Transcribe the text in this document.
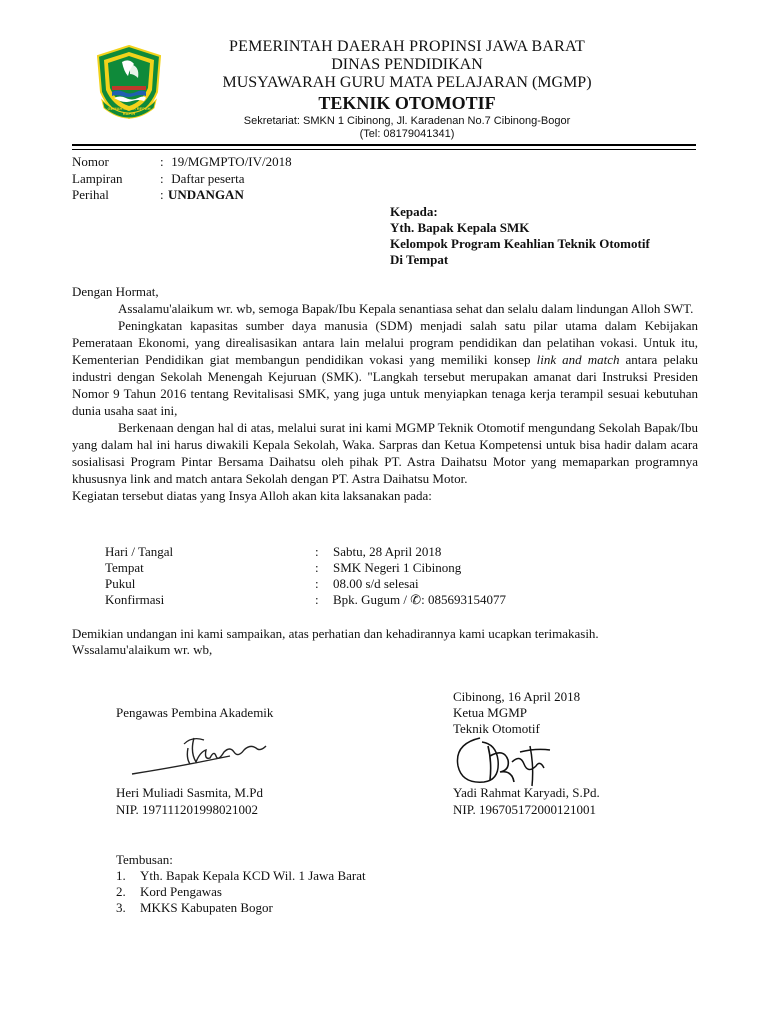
GEMAH RIPAH REPEH RAPIH
PEMERINTAH DAERAH PROPINSI JAWA BARAT
DINAS PENDIDIKAN
MUSYAWARAH GURU MATA PELAJARAN (MGMP)
TEKNIK OTOMOTIF
Sekretariat: SMKN 1 Cibinong, Jl. Karadenan No.7 Cibinong-Bogor
(Tel: 08179041341)
Nomor	: 19/MGMPTO/IV/2018
Lampiran	: Daftar peserta
Perihal	: UNDANGAN
Kepada:
Yth. Bapak Kepala SMK
Kelompok Program Keahlian Teknik Otomotif
Di Tempat
Dengan Hormat,

Assalamu'alaikum wr. wb, semoga Bapak/Ibu Kepala senantiasa sehat dan selalu dalam lindungan Alloh SWT.

Peningkatan kapasitas sumber daya manusia (SDM) menjadi salah satu pilar utama dalam Kebijakan Pemerataan Ekonomi, yang direalisasikan antara lain melalui program pendidikan dan pelatihan vokasi. Untuk itu, Kementerian Pendidikan giat membangun pendidikan vokasi yang memiliki konsep link and match antara pelaku industri dengan Sekolah Menengah Kejuruan (SMK). "Langkah tersebut merupakan amanat dari Instruksi Presiden Nomor 9 Tahun 2016 tentang Revitalisasi SMK, yang juga untuk menyiapkan tenaga kerja terampil sesuai kebutuhan dunia usaha saat ini,

Berkenaan dengan hal di atas, melalui surat ini kami MGMP Teknik Otomotif mengundang Sekolah Bapak/Ibu yang dalam hal ini harus diwakili Kepala Sekolah, Waka. Sarpras dan Ketua Kompetensi untuk bisa hadir dalam acara sosialisasi Program Pintar Bersama Daihatsu oleh pihak PT. Astra Daihatsu Motor yang memaparkan programnya khususnya link and match antara Sekolah dengan PT. Astra Daihatsu Motor.

Kegiatan tersebut diatas yang Insya Alloh akan kita laksanakan pada:

Hari / Tangal	: Sabtu, 28 April 2018
Tempat	: SMK Negeri 1 Cibinong
Pukul	: 08.00 s/d selesai
Konfirmasi	: Bpk. Gugum / ✆: 085693154077
Demikian undangan ini kami sampaikan, atas perhatian dan kehadirannya kami ucapkan terimakasih.
Wssalamu'alaikum wr. wb,
Cibinong, 16 April 2018
Pengawas Pembina Akademik	Ketua MGMP
Teknik Otomotif
Heri Muliadi Sasmita, M.Pd
NIP. 197111201998021002
Yadi Rahmat Karyadi, S.Pd.
NIP. 196705172000121001
Tembusan:
1. Yth. Bapak Kepala KCD Wil. 1 Jawa Barat
2. Kord Pengawas
3. MKKS Kabupaten Bogor
